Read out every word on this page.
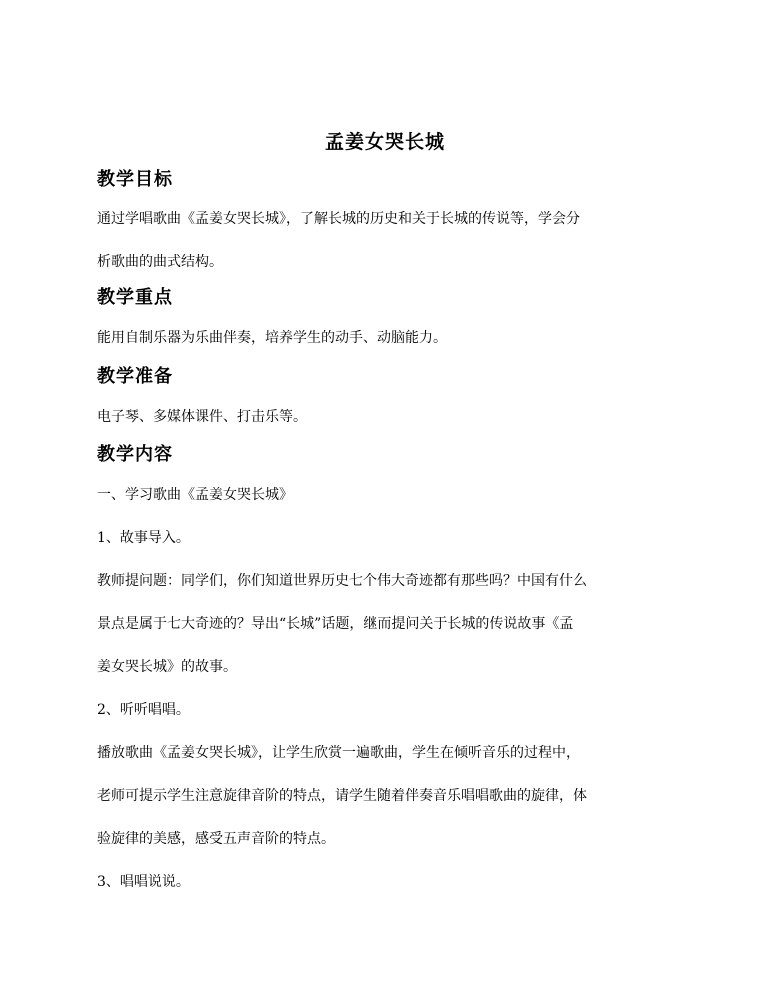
孟姜女哭长城
教学目标
通过学唱歌曲《孟姜女哭长城》，了解长城的历史和关于长城的传说等，学会分
析歌曲的曲式结构。
教学重点
能用自制乐器为乐曲伴奏，培养学生的动手、动脑能力。
教学准备
电子琴、多媒体课件、打击乐等。
教学内容
一、学习歌曲《孟姜女哭长城》
1、故事导入。
教师提问题：同学们，你们知道世界历史七个伟大奇迹都有那些吗？中国有什么
景点是属于七大奇迹的？导出“长城”话题，继而提问关于长城的传说故事《孟
姜女哭长城》的故事。
2、听听唱唱。
播放歌曲《孟姜女哭长城》，让学生欣赏一遍歌曲，学生在倾听音乐的过程中，
老师可提示学生注意旋律音阶的特点，请学生随着伴奏音乐唱唱歌曲的旋律，体
验旋律的美感，感受五声音阶的特点。
3、唱唱说说。
